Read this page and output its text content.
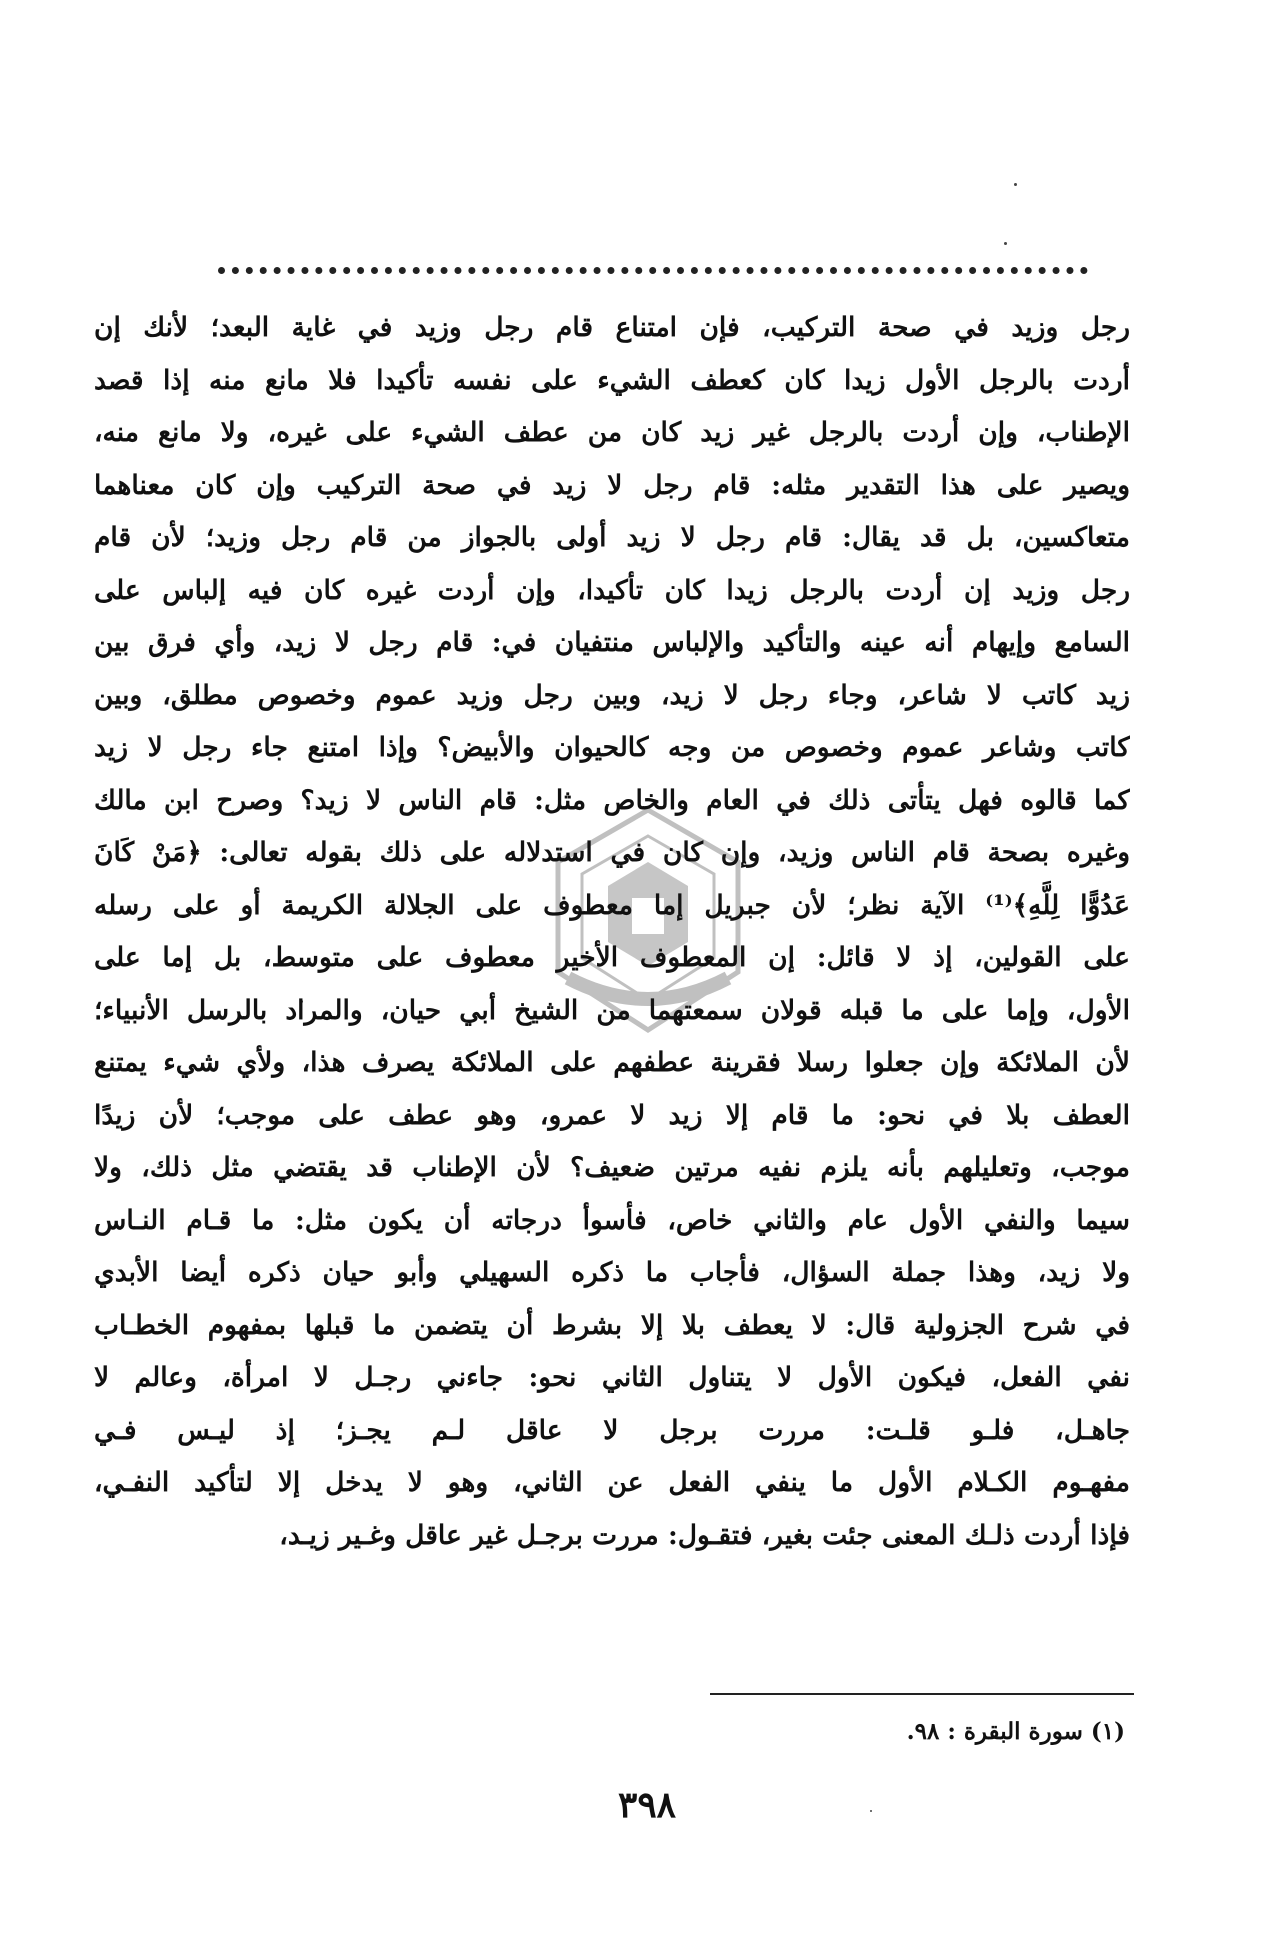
رجل وزيد في صحة التركيب، فإن امتناع قام رجل وزيد في غاية البعد؛ لأنك إن
أردت بالرجل الأول زيدا كان كعطف الشيء على نفسه تأكيدا فلا مانع منه إذا قصد
الإطناب، وإن أردت بالرجل غير زيد كان من عطف الشيء على غيره، ولا مانع منه،
ويصير على هذا التقدير مثله: قام رجل لا زيد في صحة التركيب وإن كان معناهما
متعاكسين، بل قد يقال: قام رجل لا زيد أولى بالجواز من قام رجل وزيد؛ لأن قام
رجل وزيد إن أردت بالرجل زيدا كان تأكيدا، وإن أردت غيره كان فيه إلباس على
السامع وإيهام أنه عينه والتأكيد والإلباس منتفيان في: قام رجل لا زيد، وأي فرق بين
زيد كاتب لا شاعر، وجاء رجل لا زيد، وبين رجل وزيد عموم وخصوص مطلق، وبين
كاتب وشاعر عموم وخصوص من وجه كالحيوان والأبيض؟ وإذا امتنع جاء رجل لا زيد
كما قالوه فهل يتأتى ذلك في العام والخاص مثل: قام الناس لا زيد؟ وصرح ابن مالك
وغيره بصحة قام الناس وزيد، وإن كان في استدلاله على ذلك بقوله تعالى: ﴿مَنْ كَانَ
عَدُوًّا لِلَّهِ﴾⁽¹⁾ الآية نظر؛ لأن جبريل إما معطوف على الجلالة الكريمة أو على رسله
على القولين، إذ لا قائل: إن المعطوف الأخير معطوف على متوسط، بل إما على
الأول، وإما على ما قبله قولان سمعتهما من الشيخ أبي حيان، والمراد بالرسل الأنبياء؛
لأن الملائكة وإن جعلوا رسلا فقرينة عطفهم على الملائكة يصرف هذا، ولأي شيء يمتنع
العطف بلا في نحو: ما قام إلا زيد لا عمرو، وهو عطف على موجب؛ لأن زيدًا
موجب، وتعليلهم بأنه يلزم نفيه مرتين ضعيف؟ لأن الإطناب قد يقتضي مثل ذلك، ولا
سيما والنفي الأول عام والثاني خاص، فأسوأ درجاته أن يكون مثل: ما قـام النـاس
ولا زيد، وهذا جملة السؤال، فأجاب ما ذكره السهيلي وأبو حيان ذكره أيضا الأبدي
في شرح الجزولية قال: لا يعطف بلا إلا بشرط أن يتضمن ما قبلها بمفهوم الخطـاب
نفي الفعل، فيكون الأول لا يتناول الثاني نحو: جاءني رجـل لا امرأة، وعالم لا
جاهـل، فلـو قلـت: مررت برجل لا عاقل لـم يجـز؛ إذ ليـس فـي
مفهـوم الكـلام الأول ما ينفي الفعل عن الثاني، وهو لا يدخل إلا لتأكيد النفـي،
فإذا أردت ذلـك المعنى جئت بغير، فتقـول: مررت برجـل غير عاقل وغـير زيـد،
(١) سورة البقرة : ٩٨.
٣٩٨
